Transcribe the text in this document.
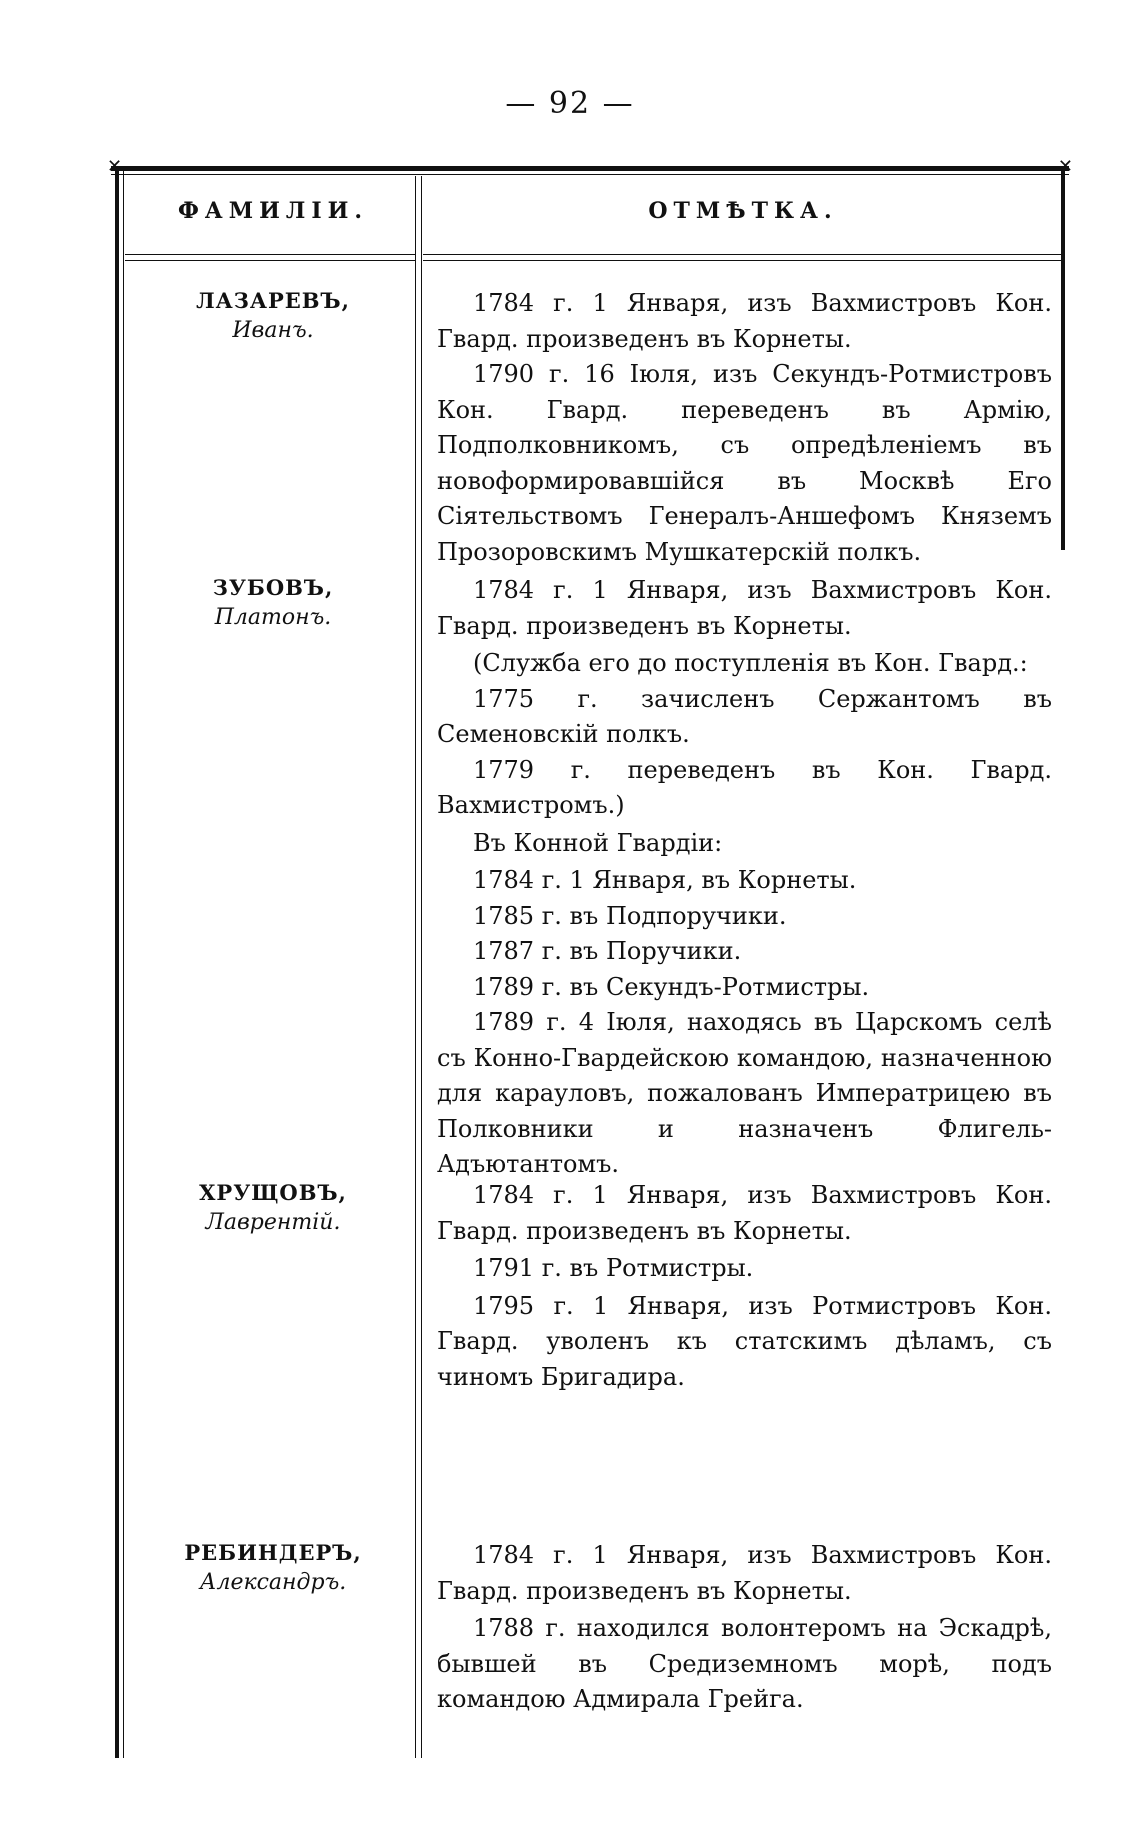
— 92 —
✕	✕
ФАМИЛIИ.	ОТМѢТКА.
ЛАЗАРЕВЪ,
Иванъ.

1784 г. 1 Января, изъ Вахмистровъ Кон. Гвард. произведенъ въ Корнеты.

1790 г. 16 Iюля, изъ Секундъ-Ротмистровъ Кон. Гвард. переведенъ въ Армiю, Подполковникомъ, съ опредѣленiемъ въ новоформировавшiйся въ Москвѣ Его Сiятельствомъ Генералъ-Аншефомъ Княземъ Прозоровскимъ Мушкатерскiй полкъ.

ЗУБОВЪ,
Платонъ.

1784 г. 1 Января, изъ Вахмистровъ Кон. Гвард. произведенъ въ Корнеты.

(Служба его до поступленiя въ Кон. Гвард.:

1775 г. зачисленъ Сержантомъ въ Семеновскiй полкъ.

1779 г. переведенъ въ Кон. Гвард. Вахмистромъ.)

Въ Конной Гвардiи:

1784 г. 1 Января, въ Корнеты.

1785 г. въ Подпоручики.

1787 г. въ Поручики.

1789 г. въ Секундъ-Ротмистры.

1789 г. 4 Iюля, находясь въ Царскомъ селѣ съ Конно-Гвардейскою командою, назначенною для карауловъ, пожалованъ Императрицею въ Полковники и назначенъ Флигель-Адъютантомъ.

ХРУЩОВЪ,
Лаврентiй.

1784 г. 1 Января, изъ Вахмистровъ Кон. Гвард. произведенъ въ Корнеты.

1791 г. въ Ротмистры.

1795 г. 1 Января, изъ Ротмистровъ Кон. Гвард. уволенъ къ статскимъ дѣламъ, съ чиномъ Бригадира.

РЕБИНДЕРЪ,
Александръ.

1784 г. 1 Января, изъ Вахмистровъ Кон. Гвард. произведенъ въ Корнеты.

1788 г. находился волонтеромъ на Эскадрѣ, бывшей въ Средиземномъ морѣ, подъ командою Адмирала Грейга.
